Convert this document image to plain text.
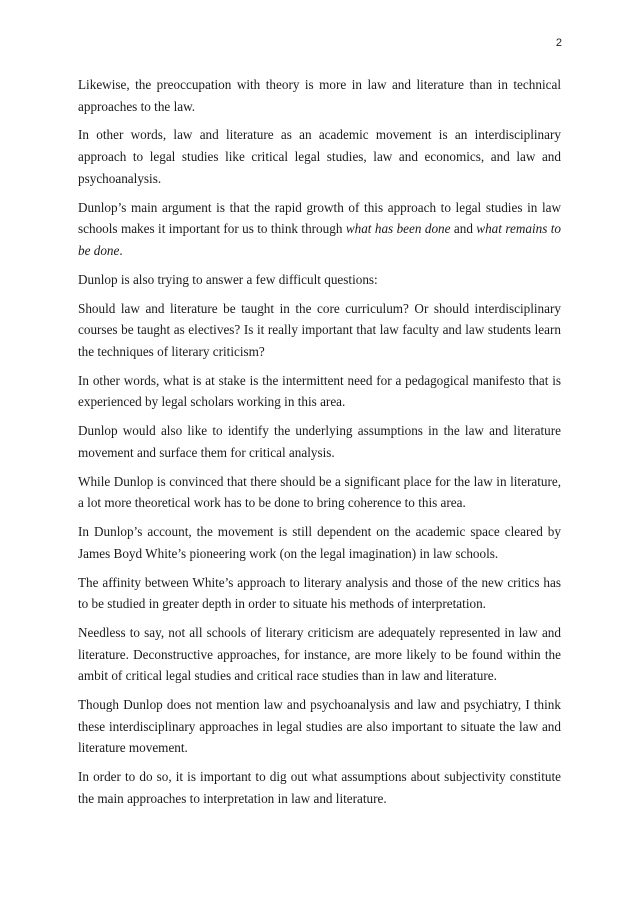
2

Likewise, the preoccupation with theory is more in law and literature than in technical approaches to the law.

In other words, law and literature as an academic movement is an interdisciplinary approach to legal studies like critical legal studies, law and economics, and law and psychoanalysis.

Dunlop’s main argument is that the rapid growth of this approach to legal studies in law schools makes it important for us to think through what has been done and what remains to be done.

Dunlop is also trying to answer a few difficult questions:

Should law and literature be taught in the core curriculum? Or should interdisciplinary courses be taught as electives? Is it really important that law faculty and law students learn the techniques of literary criticism?

In other words, what is at stake is the intermittent need for a pedagogical manifesto that is experienced by legal scholars working in this area.

Dunlop would also like to identify the underlying assumptions in the law and literature movement and surface them for critical analysis.

While Dunlop is convinced that there should be a significant place for the law in literature, a lot more theoretical work has to be done to bring coherence to this area.

In Dunlop’s account, the movement is still dependent on the academic space cleared by James Boyd White’s pioneering work (on the legal imagination) in law schools.

The affinity between White’s approach to literary analysis and those of the new critics has to be studied in greater depth in order to situate his methods of interpretation.

Needless to say, not all schools of literary criticism are adequately represented in law and literature. Deconstructive approaches, for instance, are more likely to be found within the ambit of critical legal studies and critical race studies than in law and literature.

Though Dunlop does not mention law and psychoanalysis and law and psychiatry, I think these interdisciplinary approaches in legal studies are also important to situate the law and literature movement.

In order to do so, it is important to dig out what assumptions about subjectivity constitute the main approaches to interpretation in law and literature.
